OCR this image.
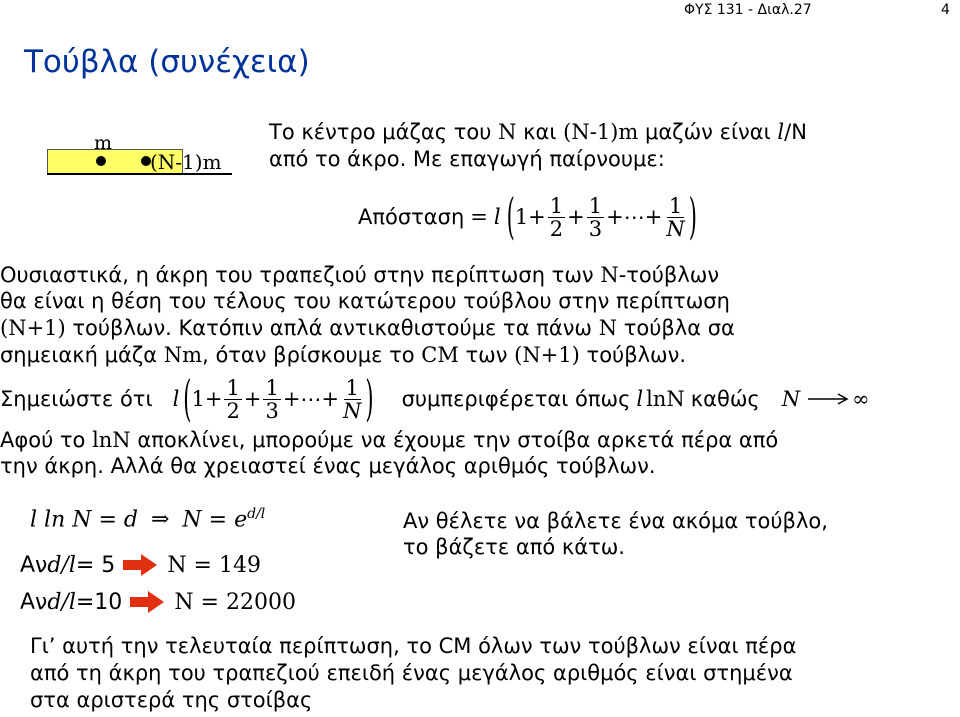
ΦΥΣ 131 - Διαλ.27	4
Τούβλα (συνέχεια)
m
(N-1)m
Το κέντρο μάζας του N και (N-1)m μαζών είναι l/N
από το άκρο. Με επαγωγή παίρνουμε:
Απόσταση = l ( $1+ \frac{1}{2} + \frac{1}{3}$ +⋯+ $\frac{1}{N}$ )
Ουσιαστικά, η άκρη του τραπεζιού στην περίπτωση των N-τούβλων
θα είναι η θέση του τέλους του κατώτερου τούβλου στην περίπτωση
(N+1) τούβλων. Κατόπιν απλά αντικαθιστούμε τα πάνω N τούβλα σα
σημειακή μάζα Nm, όταν βρίσκουμε το CM των (N+1) τούβλων.
Σημειώστε ότι l ( $1+ \frac{1}{2} + \frac{1}{3}$ +⋯+ $\frac{1}{N}$ ) συμπεριφέρεται όπως l lnN καθώς N ∞
Αφού το lnN αποκλίνει, μπορούμε να έχουμε την στοίβα αρκετά πέρα από
την άκρη. Αλλά θα χρειαστεί ένας μεγάλος αριθμός τούβλων.
l ln N = d ⇒ $N = e^{d/l}$	Αν θέλετε να βάλετε ένα ακόμα τούβλο,
το βάζετε από κάτω.
Αν d/l = 5 N = 149
Αν d/l =10 N = 22000
Γι’ αυτή την τελευταία περίπτωση, το CM όλων των τούβλων είναι πέρα
από τη άκρη του τραπεζιού επειδή ένας μεγάλος αριθμός είναι στημένα
στα αριστερά της στοίβας
